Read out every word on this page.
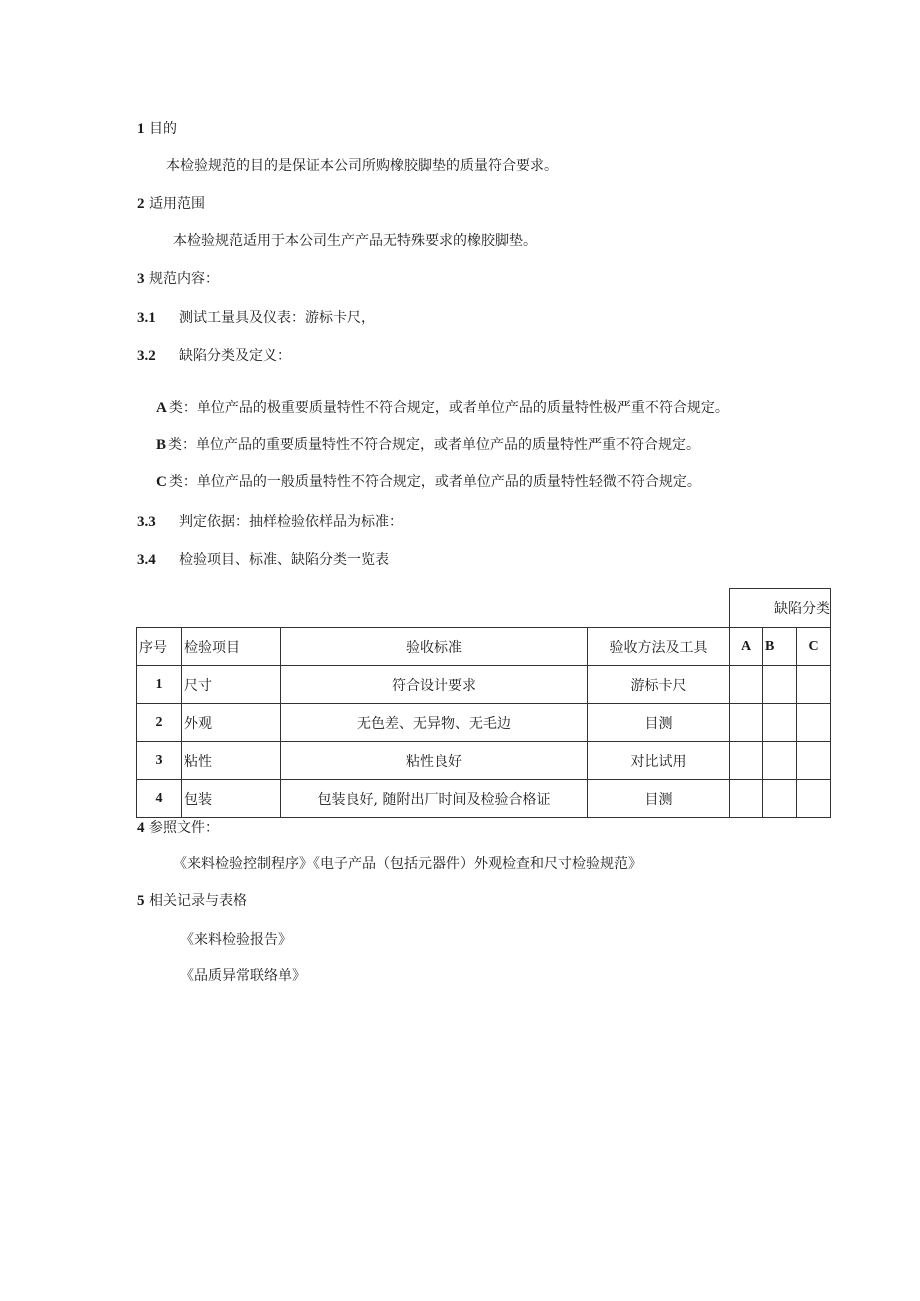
1 目的
本检验规范的目的是保证本公司所购橡胶脚垫的质量符合要求。
2 适用范围
本检验规范适用于本公司生产产品无特殊要求的橡胶脚垫。
3 规范内容：
3.1 测试工量具及仪表：游标卡尺，
3.2 缺陷分类及定义：
A 类：单位产品的极重要质量特性不符合规定，或者单位产品的质量特性极严重不符合规定。
B 类：单位产品的重要质量特性不符合规定，或者单位产品的质量特性严重不符合规定。
C 类：单位产品的一般质量特性不符合规定，或者单位产品的质量特性轻微不符合规定。
3.3 判定依据：抽样检验依样品为标准：
3.4 检验项目、标准、缺陷分类一览表
				缺陷分类		
序号	检验项目	验收标准	验收方法及工具	A	B	C
1	尺寸	符合设计要求	游标卡尺			
2	外观	无色差、无异物、无毛边	目测			
3	粘性	粘性良好	对比试用			
4	包装	包装良好, 随附出厂时间及检验合格证	目测			
4 参照文件：
《来料检验控制程序》《电子产品（包括元器件）外观检查和尺寸检验规范》
5 相关记录与表格
《来料检验报告》
《品质异常联络单》
